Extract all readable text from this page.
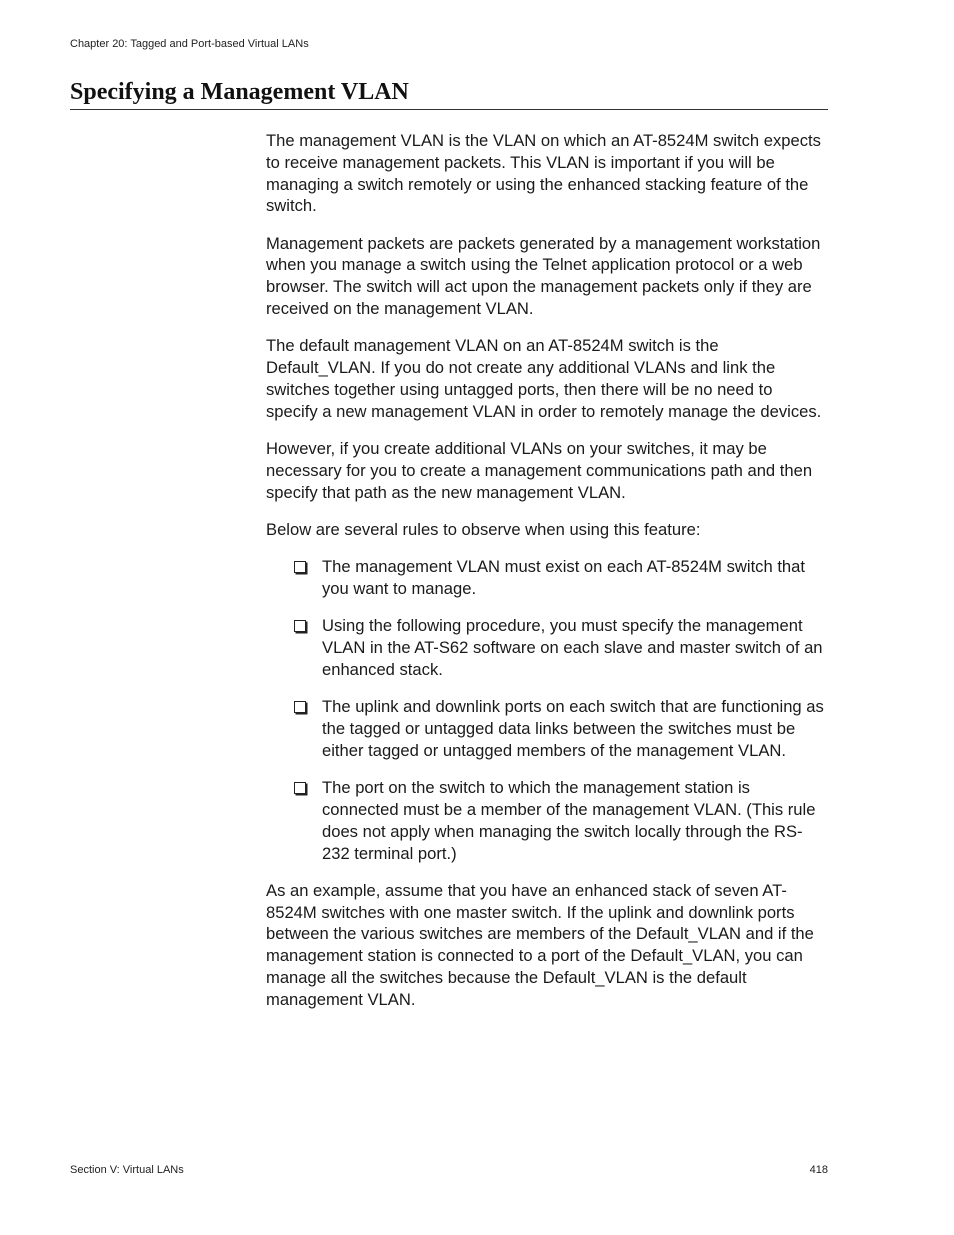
Chapter 20: Tagged and Port-based Virtual LANs
Specifying a Management VLAN

The management VLAN is the VLAN on which an AT-8524M switch expects to receive management packets. This VLAN is important if you will be managing a switch remotely or using the enhanced stacking feature of the switch.

Management packets are packets generated by a management workstation when you manage a switch using the Telnet application protocol or a web browser. The switch will act upon the management packets only if they are received on the management VLAN.

The default management VLAN on an AT-8524M switch is the Default_VLAN. If you do not create any additional VLANs and link the switches together using untagged ports, then there will be no need to specify a new management VLAN in order to remotely manage the devices.

However, if you create additional VLANs on your switches, it may be necessary for you to create a management communications path and then specify that path as the new management VLAN.

Below are several rules to observe when using this feature:

The management VLAN must exist on each AT-8524M switch that you want to manage.
Using the following procedure, you must specify the management VLAN in the AT-S62 software on each slave and master switch of an enhanced stack.
The uplink and downlink ports on each switch that are functioning as the tagged or untagged data links between the switches must be either tagged or untagged members of the management VLAN.
The port on the switch to which the management station is connected must be a member of the management VLAN. (This rule does not apply when managing the switch locally through the RS-232 terminal port.)

As an example, assume that you have an enhanced stack of seven AT-8524M switches with one master switch. If the uplink and downlink ports between the various switches are members of the Default_VLAN and if the management station is connected to a port of the Default_VLAN, you can manage all the switches because the Default_VLAN is the default management VLAN.

Section V: Virtual LANs	418
